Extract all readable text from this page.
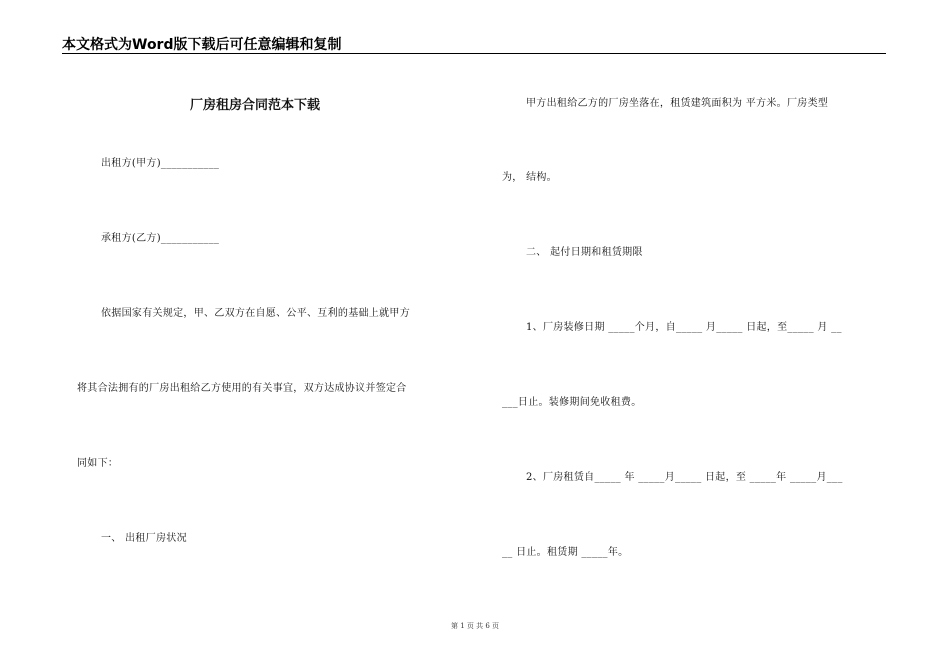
本文格式为Word版下载后可任意编辑和复制
厂房租房合同范本下载
出租方(甲方)___________
承租方(乙方)___________
依据国家有关规定，甲、乙双方在自愿、公平、互利的基础上就甲方
将其合法拥有的厂房出租给乙方使用的有关事宜，双方达成协议并签定合
同如下：
一、 出租厂房状况
甲方出租给乙方的厂房坐落在，租赁建筑面积为 平方米。厂房类型
为， 结构。
二、 起付日期和租赁期限
1、厂房装修日期 _____个月，自_____ 月_____ 日起，至_____ 月 __
___日止。装修期间免收租费。
2、厂房租赁自_____ 年 _____月_____ 日起，至 _____年 _____月___
__ 日止。租赁期 _____年。
第 1 页 共 6 页
